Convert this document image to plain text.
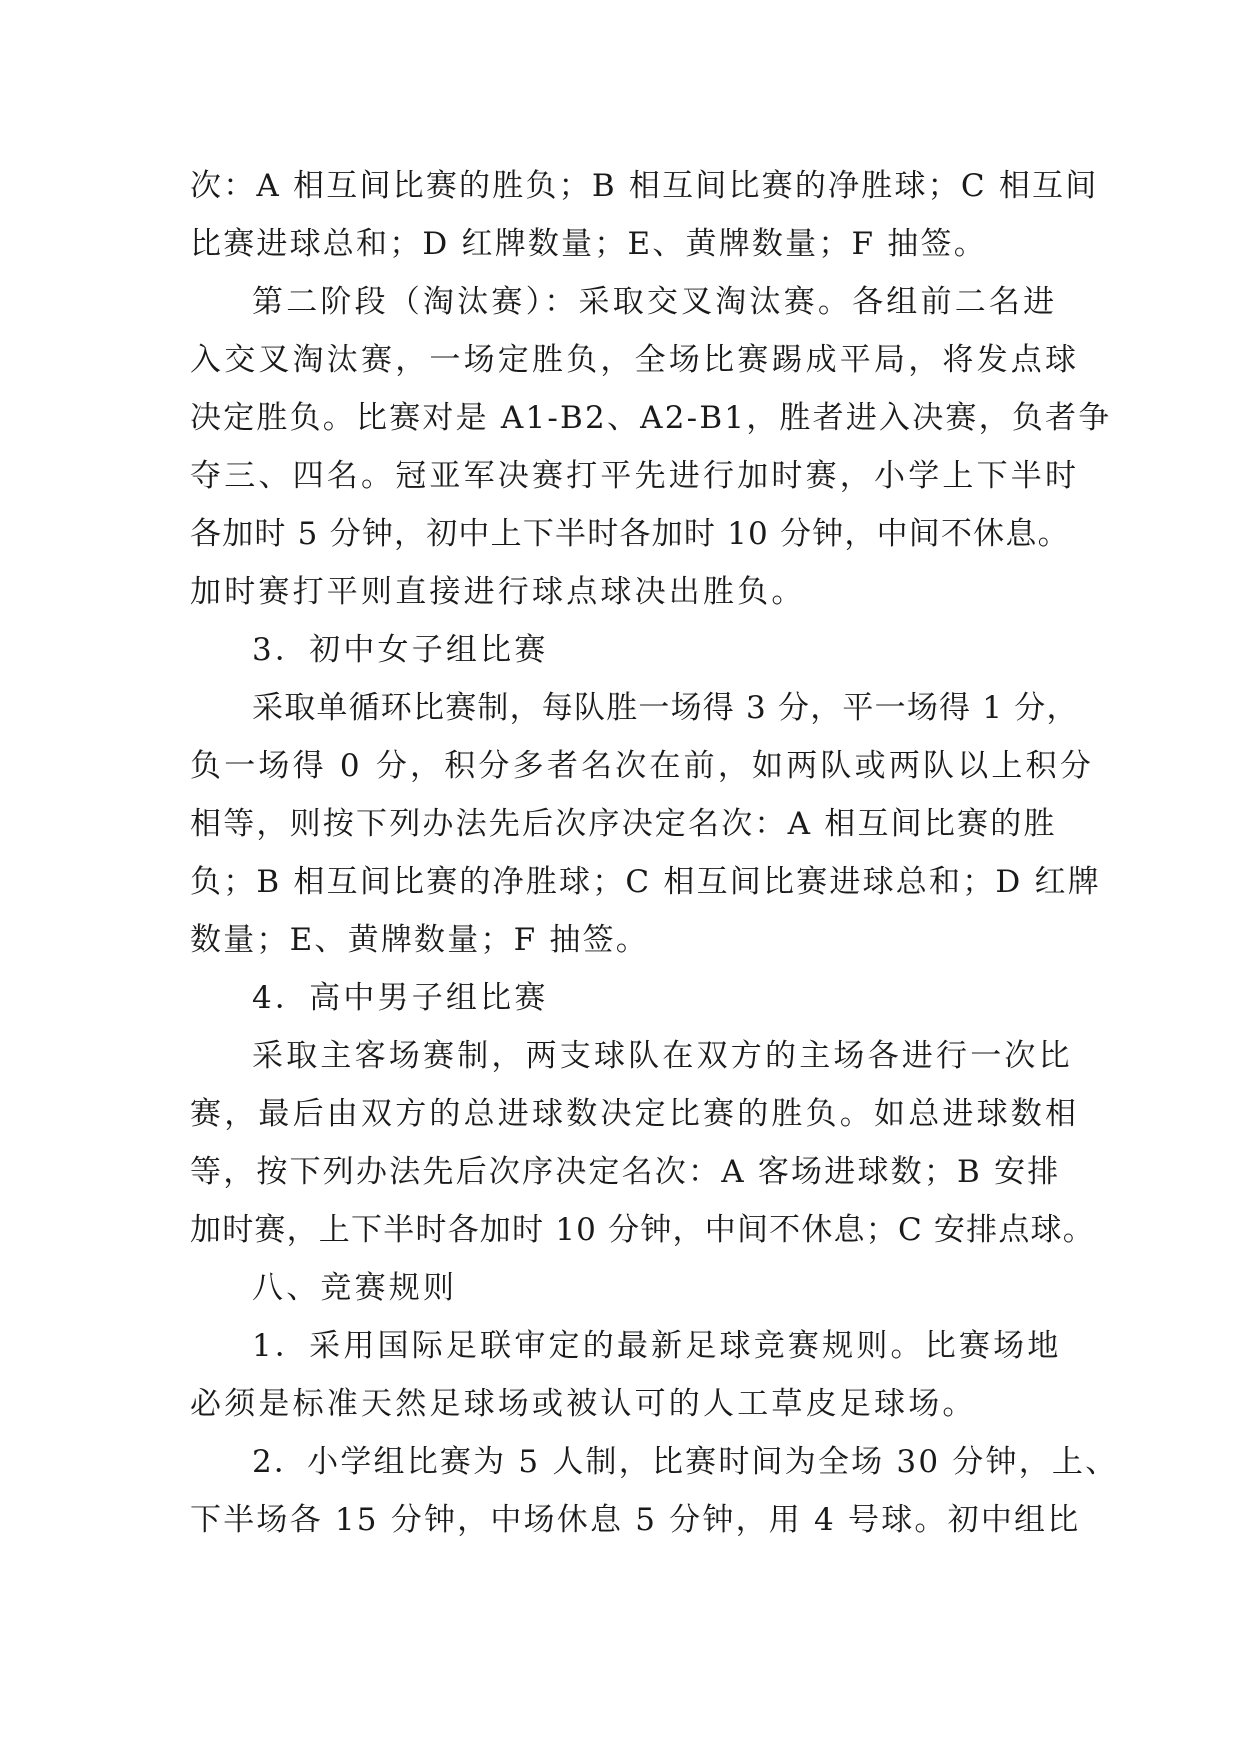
次：A 相互间比赛的胜负；B 相互间比赛的净胜球；C 相互间
比赛进球总和；D 红牌数量；E、黄牌数量；F 抽签。
第二阶段（淘汰赛）：采取交叉淘汰赛。各组前二名进
入交叉淘汰赛，一场定胜负，全场比赛踢成平局，将发点球
决定胜负。比赛对是 A1-B2、A2-B1，胜者进入决赛，负者争
夺三、四名。冠亚军决赛打平先进行加时赛，小学上下半时
各加时 5 分钟，初中上下半时各加时 10 分钟，中间不休息。
加时赛打平则直接进行球点球决出胜负。
3．初中女子组比赛
采取单循环比赛制，每队胜一场得 3 分，平一场得 1 分，
负一场得 0 分，积分多者名次在前，如两队或两队以上积分
相等，则按下列办法先后次序决定名次：A 相互间比赛的胜
负；B 相互间比赛的净胜球；C 相互间比赛进球总和；D 红牌
数量；E、黄牌数量；F 抽签。
4．高中男子组比赛
采取主客场赛制，两支球队在双方的主场各进行一次比
赛，最后由双方的总进球数决定比赛的胜负。如总进球数相
等，按下列办法先后次序决定名次：A 客场进球数；B 安排
加时赛，上下半时各加时 10 分钟，中间不休息；C 安排点球。
八、竞赛规则
1．采用国际足联审定的最新足球竞赛规则。比赛场地
必须是标准天然足球场或被认可的人工草皮足球场。
2．小学组比赛为 5 人制，比赛时间为全场 30 分钟，上、
下半场各 15 分钟，中场休息 5 分钟，用 4 号球。初中组比
